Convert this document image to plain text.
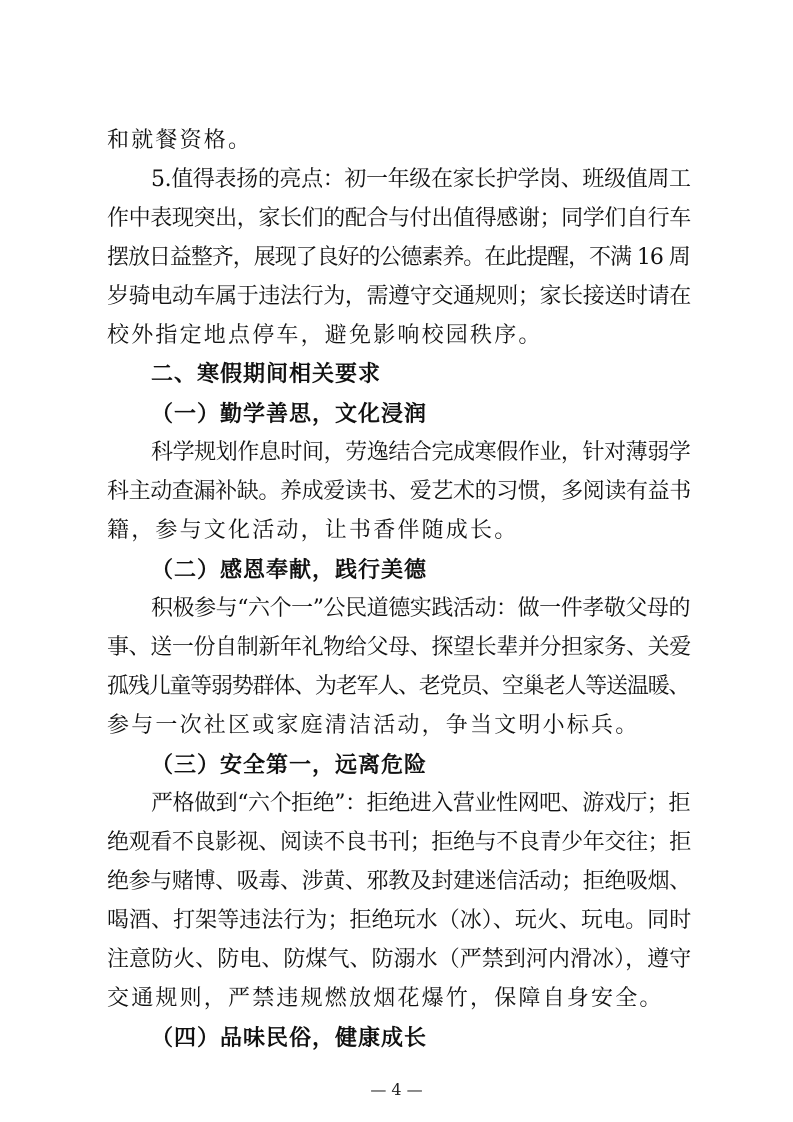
和就餐资格。
5.值得表扬的亮点：初一年级在家长护学岗、班级值周工
作中表现突出，家长们的配合与付出值得感谢；同学们自行车
摆放日益整齐，展现了良好的公德素养。在此提醒，不满 16 周
岁骑电动车属于违法行为，需遵守交通规则；家长接送时请在
校外指定地点停车，避免影响校园秩序。
二、寒假期间相关要求
（一）勤学善思，文化浸润
科学规划作息时间，劳逸结合完成寒假作业，针对薄弱学
科主动查漏补缺。养成爱读书、爱艺术的习惯，多阅读有益书
籍，参与文化活动，让书香伴随成长。
（二）感恩奉献，践行美德
积极参与“六个一”公民道德实践活动：做一件孝敬父母的
事、送一份自制新年礼物给父母、探望长辈并分担家务、关爱
孤残儿童等弱势群体、为老军人、老党员、空巢老人等送温暖、
参与一次社区或家庭清洁活动，争当文明小标兵。
（三）安全第一，远离危险
严格做到“六个拒绝”：拒绝进入营业性网吧、游戏厅；拒
绝观看不良影视、阅读不良书刊；拒绝与不良青少年交往；拒
绝参与赌博、吸毒、涉黄、邪教及封建迷信活动；拒绝吸烟、
喝酒、打架等违法行为；拒绝玩水（冰）、玩火、玩电。同时
注意防火、防电、防煤气、防溺水（严禁到河内滑冰），遵守
交通规则，严禁违规燃放烟花爆竹，保障自身安全。
（四）品味民俗，健康成长
— 4 —
